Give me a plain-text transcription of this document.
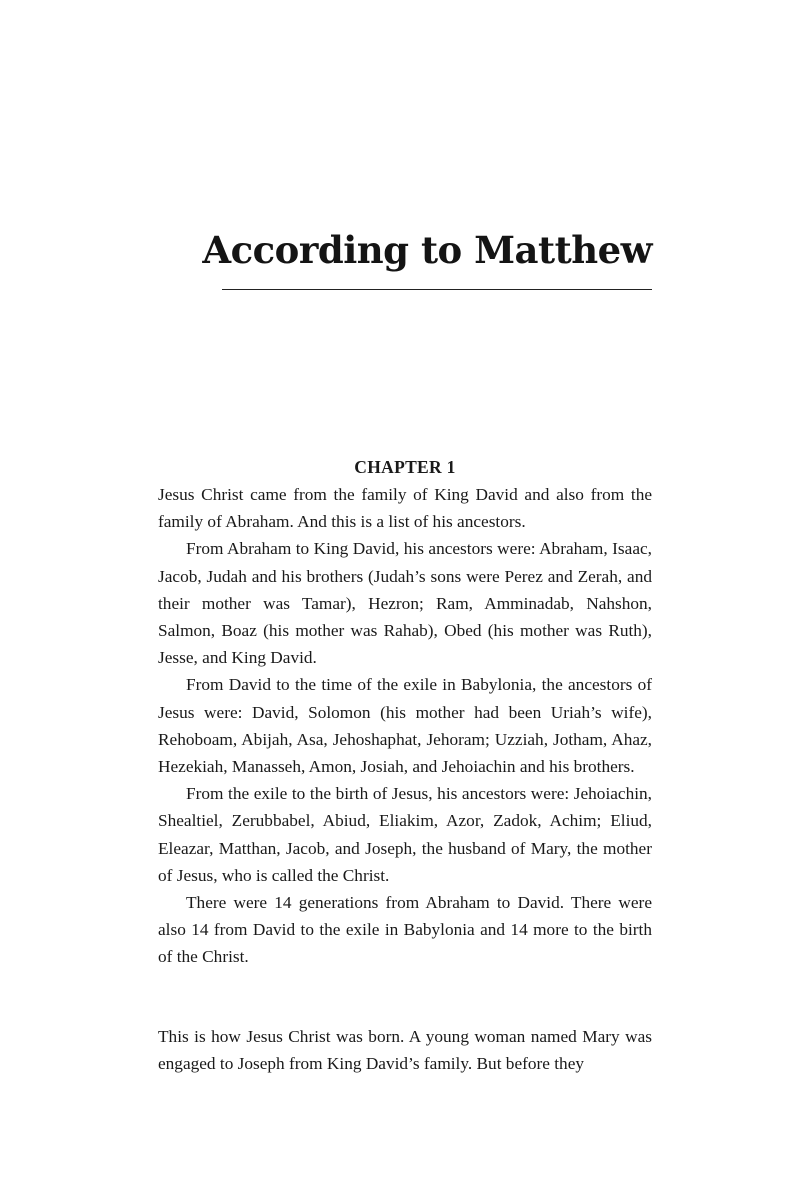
According to Matthew
CHAPTER 1

Jesus Christ came from the family of King David and also from the family of Abraham. And this is a list of his ancestors.

From Abraham to King David, his ancestors were: Abraham, Isaac, Jacob, Judah and his brothers (Judah’s sons were Perez and Zerah, and their mother was Tamar), Hezron; Ram, Amminadab, Nahshon, Salmon, Boaz (his mother was Rahab), Obed (his mother was Ruth), Jesse, and King David.

From David to the time of the exile in Babylonia, the ancestors of Jesus were: David, Solomon (his mother had been Uriah’s wife), Rehoboam, Abijah, Asa, Jehoshaphat, Jehoram; Uzziah, Jotham, Ahaz, Hezekiah, Manasseh, Amon, Josiah, and Jehoiachin and his brothers.

From the exile to the birth of Jesus, his ancestors were: Jehoiachin, Shealtiel, Zerubbabel, Abiud, Eliakim, Azor, Zadok, Achim; Eliud, Eleazar, Matthan, Jacob, and Joseph, the husband of Mary, the mother of Jesus, who is called the Christ.

There were 14 generations from Abraham to David. There were also 14 from David to the exile in Babylonia and 14 more to the birth of the Christ.

This is how Jesus Christ was born. A young woman named Mary was engaged to Joseph from King David’s family. But before they
